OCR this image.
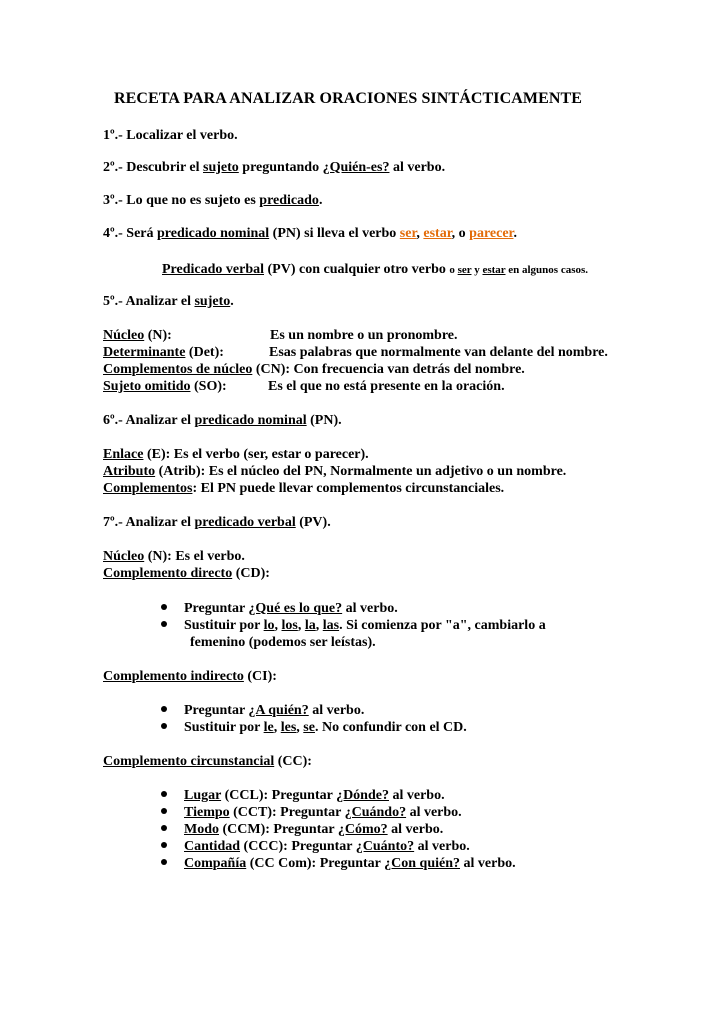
RECETA PARA ANALIZAR ORACIONES SINTÁCTICAMENTE
1º.- Localizar el verbo.
2º.- Descubrir el sujeto preguntando ¿Quién-es? al verbo.
3º.- Lo que no es sujeto es predicado.
4º.- Será predicado nominal (PN) si lleva el verbo ser, estar, o parecer.
Predicado verbal (PV) con cualquier otro verbo o ser y estar en algunos casos.
5º.- Analizar el sujeto.
Núcleo (N):	Es un nombre o un pronombre.
Determinante (Det):	Esas palabras que normalmente van delante del nombre.
Complementos de núcleo (CN): Con frecuencia van detrás del nombre.
Sujeto omitido (SO):	Es el que no está presente en la oración.
6º.- Analizar el predicado nominal (PN).
Enlace (E): Es el verbo (ser, estar o parecer).
Atributo (Atrib): Es el núcleo del PN, Normalmente un adjetivo o un nombre.
Complementos: El PN puede llevar complementos circunstanciales.
7º.- Analizar el predicado verbal (PV).
Núcleo (N): Es el verbo.
Complemento directo (CD):
Preguntar ¿Qué es lo que? al verbo.
Sustituir por lo, los, la, las. Si comienza por "a", cambiarlo a
femenino (podemos ser leístas).
Complemento indirecto (CI):
Preguntar ¿A quién? al verbo.
Sustituir por le, les, se. No confundir con el CD.
Complemento circunstancial (CC):
Lugar (CCL): Preguntar ¿Dónde? al verbo.
Tiempo (CCT): Preguntar ¿Cuándo? al verbo.
Modo (CCM): Preguntar ¿Cómo? al verbo.
Cantidad (CCC): Preguntar ¿Cuánto? al verbo.
Compañía (CC Com): Preguntar ¿Con quién? al verbo.
